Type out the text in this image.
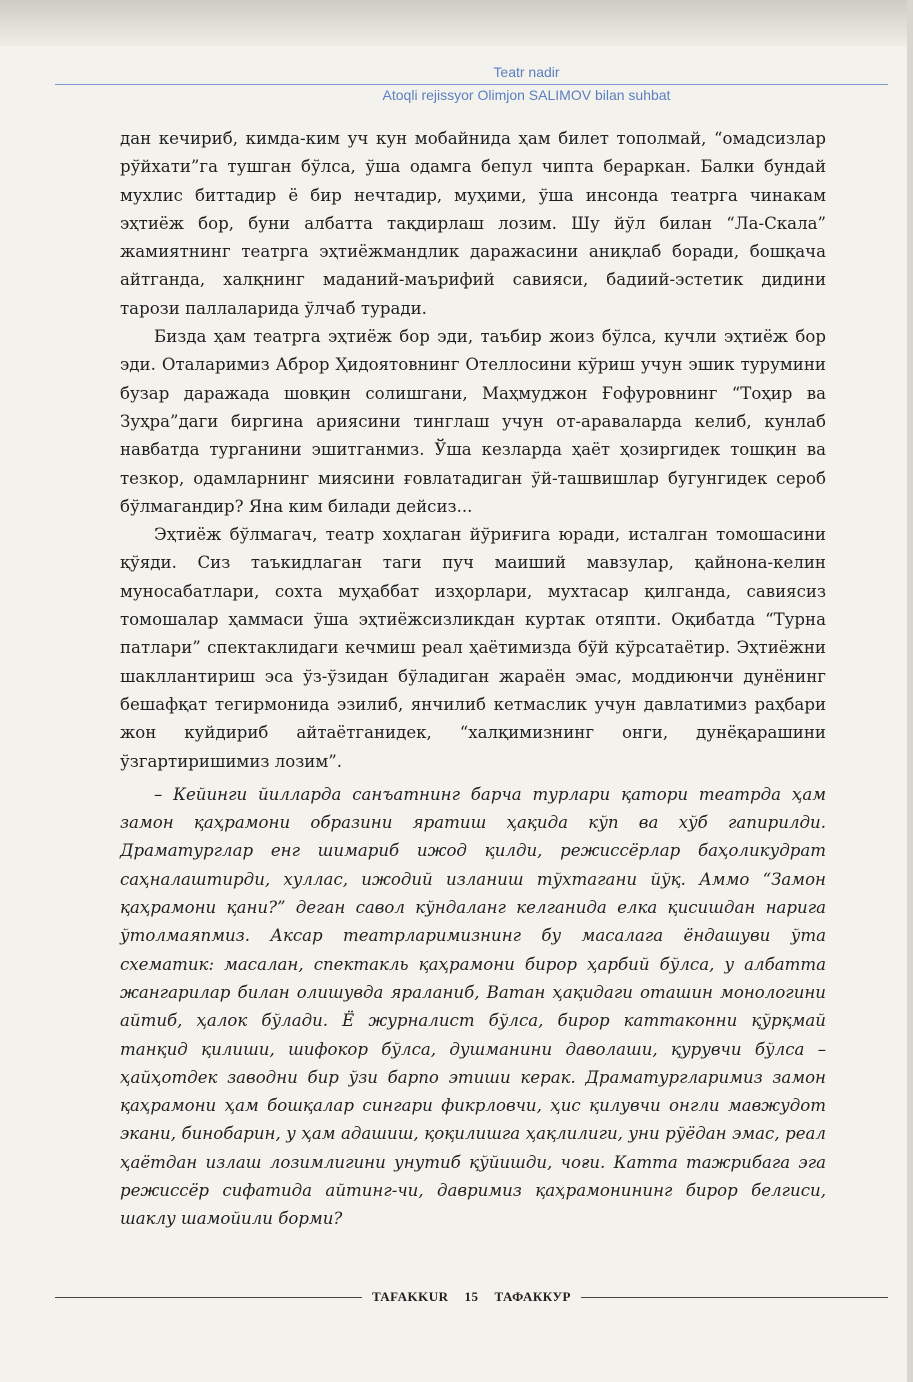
Teatr nadir
Atoqli rejissyor Olimjon SALIMOV bilan suhbat

дан кечириб, кимда-ким уч кун мобайнида ҳам билет тополмай, “омадсизлар рўйхати”га тушган бўлса, ўша одамга бепул чипта бераркан. Балки бундай мухлис биттадир ё бир нечтадир, муҳими, ўша инсонда театрга чинакам эҳтиёж бор, буни албатта тақдирлаш лозим. Шу йўл билан “Ла-Скала” жамиятнинг театрга эҳтиёжмандлик даражасини аниқлаб боради, бошқача айтганда, халқнинг маданий-маърифий савияси, бадиий-эстетик дидини тарози паллаларида ўлчаб туради.

Бизда ҳам театрга эҳтиёж бор эди, таъбир жоиз бўлса, кучли эҳтиёж бор эди. Оталаримиз Аброр Ҳидоятовнинг Отеллосини кўриш учун эшик турумини бузар даражада шовқин солишгани, Маҳмуджон Ғофуровнинг “Тоҳир ва Зуҳра”даги биргина ариясини тинглаш учун от-араваларда келиб, кунлаб навбатда турганини эшитганмиз. Ўша кезларда ҳаёт ҳозиргидек тошқин ва тезкор, одамларнинг миясини ғовлатадиган ўй-ташвишлар бугунгидек сероб бўлмагандир? Яна ким билади дейсиз...

Эҳтиёж бўлмагач, театр хоҳлаган йўриғига юради, исталган томошасини қўяди. Сиз таъкидлаган таги пуч маиший мавзулар, қайнона-келин муносабатлари, сохта муҳаббат изҳорлари, мухтасар қилганда, савиясиз томошалар ҳаммаси ўша эҳтиёжсизликдан куртак отяпти. Оқибатда “Турна патлари” спектаклидаги кечмиш реал ҳаётимизда бўй кўрсатаётир. Эҳтиёжни шакллантириш эса ўз-ўзидан бўладиган жараён эмас, моддиюнчи дунёнинг бешафқат тегирмонида эзилиб, янчилиб кетмаслик учун давлатимиз раҳбари жон куйдириб айтаётганидек, “халқимизнинг онги, дунёқарашини ўзгартиришимиз лозим”.

– Кейинги йилларда санъатнинг барча турлари қатори театрда ҳам замон қаҳрамони образини яратиш ҳақида кўп ва хўб гапирилди. Драматурглар енг шимариб ижод қилди, режиссёрлар баҳоликудрат саҳналаштирди, хуллас, ижодий изланиш тўхтагани йўқ. Аммо “Замон қаҳрамони қани?” деган савол кўндаланг келганида елка қисишдан нарига ўтолмаяпмиз. Аксар театрларимизнинг бу масалага ёндашуви ўта схематик: масалан, спектакль қаҳрамони бирор ҳарбий бўлса, у албатта жангарилар билан олишувда яраланиб, Ватан ҳақидаги оташин монологини айтиб, ҳалок бўлади. Ё журналист бўлса, бирор каттаконни қўрқмай танқид қилиши, шифокор бўлса, душманини даволаши, қурувчи бўлса – ҳайҳотдек заводни бир ўзи барпо этиши керак. Драматургларимиз замон қаҳрамони ҳам бошқалар сингари фикрловчи, ҳис қилувчи онгли мавжудот экани, бинобарин, у ҳам адашиш, қоқилишга ҳақлилиги, уни рўёдан эмас, реал ҳаётдан излаш лозимлигини унутиб қўйишди, чоғи. Катта тажрибага эга режиссёр сифатида айтинг-чи, давримиз қаҳрамонининг бирор белгиси, шаклу шамойили борми?

TAFAKKUR	15	ТАФАККУР
